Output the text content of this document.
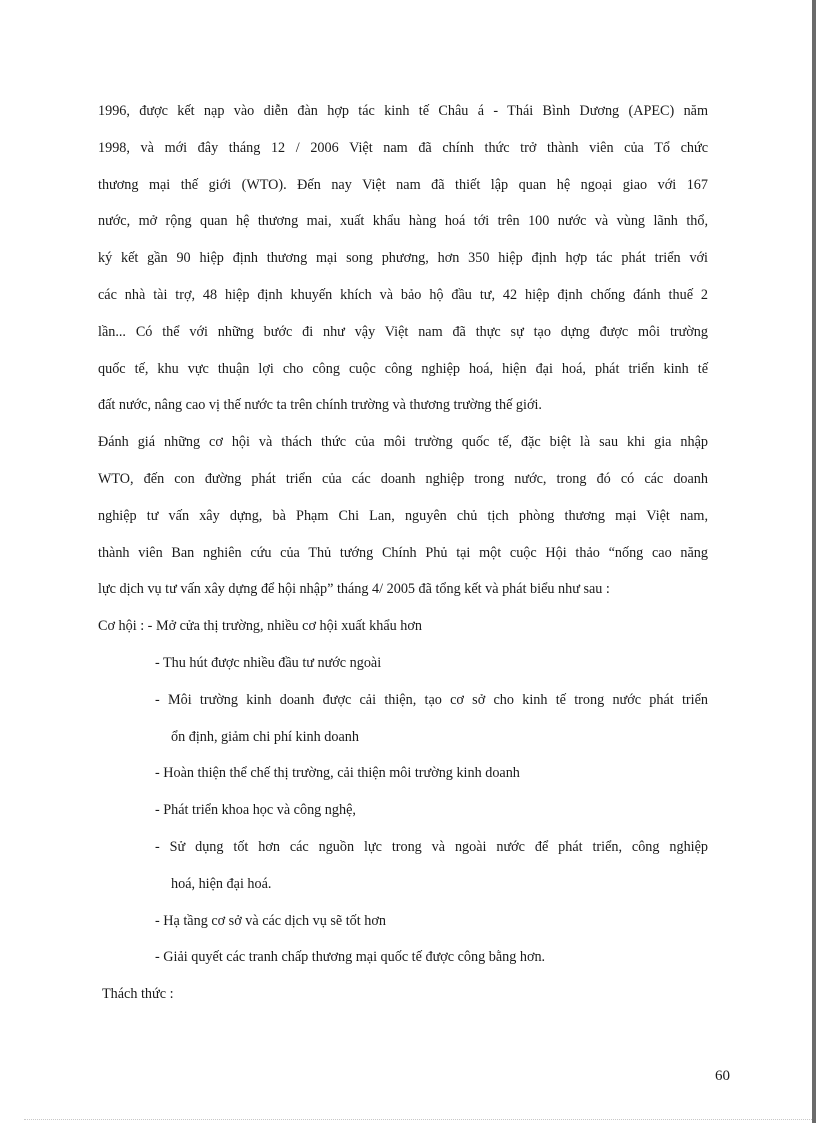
1996, được kết nạp vào diễn đàn hợp tác kinh tế Châu á - Thái Bình Dương (APEC) năm

1998, và mới đây tháng 12 / 2006 Việt nam đã chính thức trở thành viên của Tổ chức

thương mại thế giới (WTO). Đến nay Việt nam đã thiết lập quan hệ ngoại giao với 167

nước, mở rộng quan hệ thương mai, xuất khẩu hàng hoá tới trên 100 nước và vùng lãnh thổ,

ký kết gần 90 hiệp định thương mại song phương, hơn 350 hiệp định hợp tác phát triển với

các nhà tài trợ, 48 hiệp định khuyến khích và bảo hộ đầu tư, 42 hiệp định chống đánh thuế 2

lần... Có thể với những bước đi như vậy Việt nam đã thực sự tạo dựng được môi trường

quốc tế, khu vực thuận lợi cho công cuộc công nghiệp hoá, hiện đại hoá, phát triển kinh tế

đất nước, nâng cao vị thế nước ta trên chính trường và thương trường thế giới.

Đánh giá những cơ hội và thách thức của môi trường quốc tế, đặc biệt là sau khi gia nhập

WTO, đến con đường phát triển của các doanh nghiệp trong nước, trong đó có các doanh

nghiệp tư vấn xây dựng, bà Phạm Chi Lan, nguyên chủ tịch phòng thương mại Việt nam,

thành viên Ban nghiên cứu của Thủ tướng Chính Phủ tại một cuộc Hội thảo “nống cao năng

lực dịch vụ tư vấn xây dựng để hội nhập” tháng 4/ 2005 đã tổng kết và phát biểu như sau :

Cơ hội : - Mở cửa thị trường, nhiều cơ hội xuất khẩu hơn

- Thu hút được nhiều đầu tư nước ngoài

- Môi trường kinh doanh được cải thiện, tạo cơ sở cho kinh tế trong nước phát triển

ổn định, giảm chi phí kinh doanh

- Hoàn thiện thể chế thị trường, cải thiện môi trường kinh doanh

- Phát triển khoa học và công nghệ,

- Sử dụng tốt hơn các nguồn lực trong và ngoài nước để phát triển, công nghiệp

hoá, hiện đại hoá.

- Hạ tầng cơ sở và các dịch vụ sẽ tốt hơn

- Giải quyết các tranh chấp thương mại quốc tế được công bằng hơn.

Thách thức :

60
